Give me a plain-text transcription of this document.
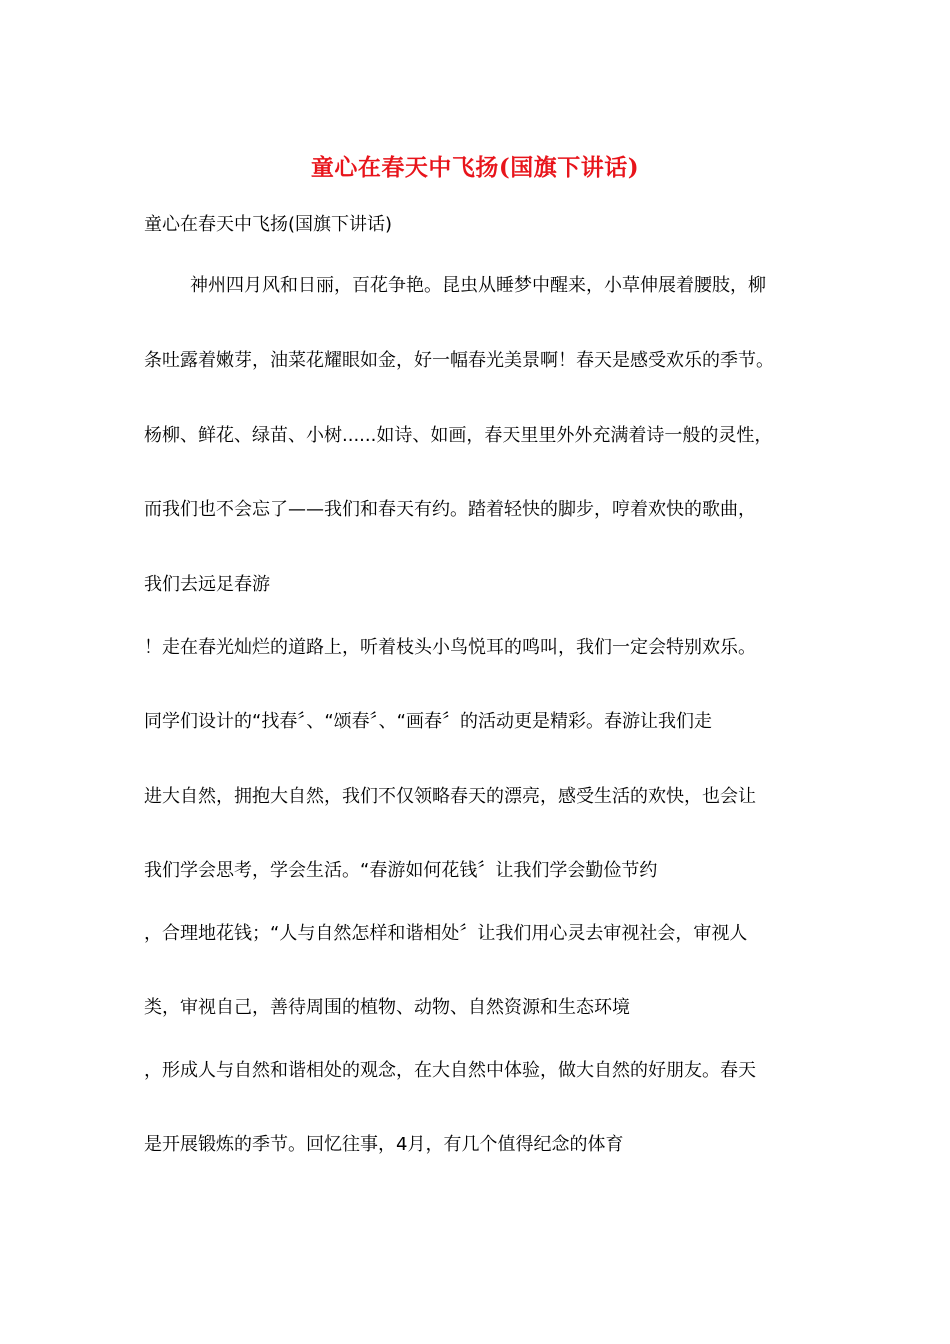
童心在春天中飞扬(国旗下讲话)
童心在春天中飞扬(国旗下讲话)
神州四月风和日丽，百花争艳。昆虫从睡梦中醒来，小草伸展着腰肢，柳
条吐露着嫩芽，油菜花耀眼如金，好一幅春光美景啊！春天是感受欢乐的季节。
杨柳、鲜花、绿苗、小树......如诗、如画，春天里里外外充满着诗一般的灵性，
而我们也不会忘了——我们和春天有约。踏着轻快的脚步，哼着欢快的歌曲，
我们去远足春游
！走在春光灿烂的道路上，听着枝头小鸟悦耳的鸣叫，我们一定会特别欢乐。
同学们设计的“找春〞、“颂春〞、“画春〞的活动更是精彩。春游让我们走
进大自然，拥抱大自然，我们不仅领略春天的漂亮，感受生活的欢快，也会让
我们学会思考，学会生活。“春游如何花钱〞让我们学会勤俭节约
，合理地花钱；“人与自然怎样和谐相处〞让我们用心灵去审视社会，审视人
类，审视自己，善待周围的植物、动物、自然资源和生态环境
，形成人与自然和谐相处的观念，在大自然中体验，做大自然的好朋友。春天
是开展锻炼的季节。回忆往事，4月，有几个值得纪念的体育
